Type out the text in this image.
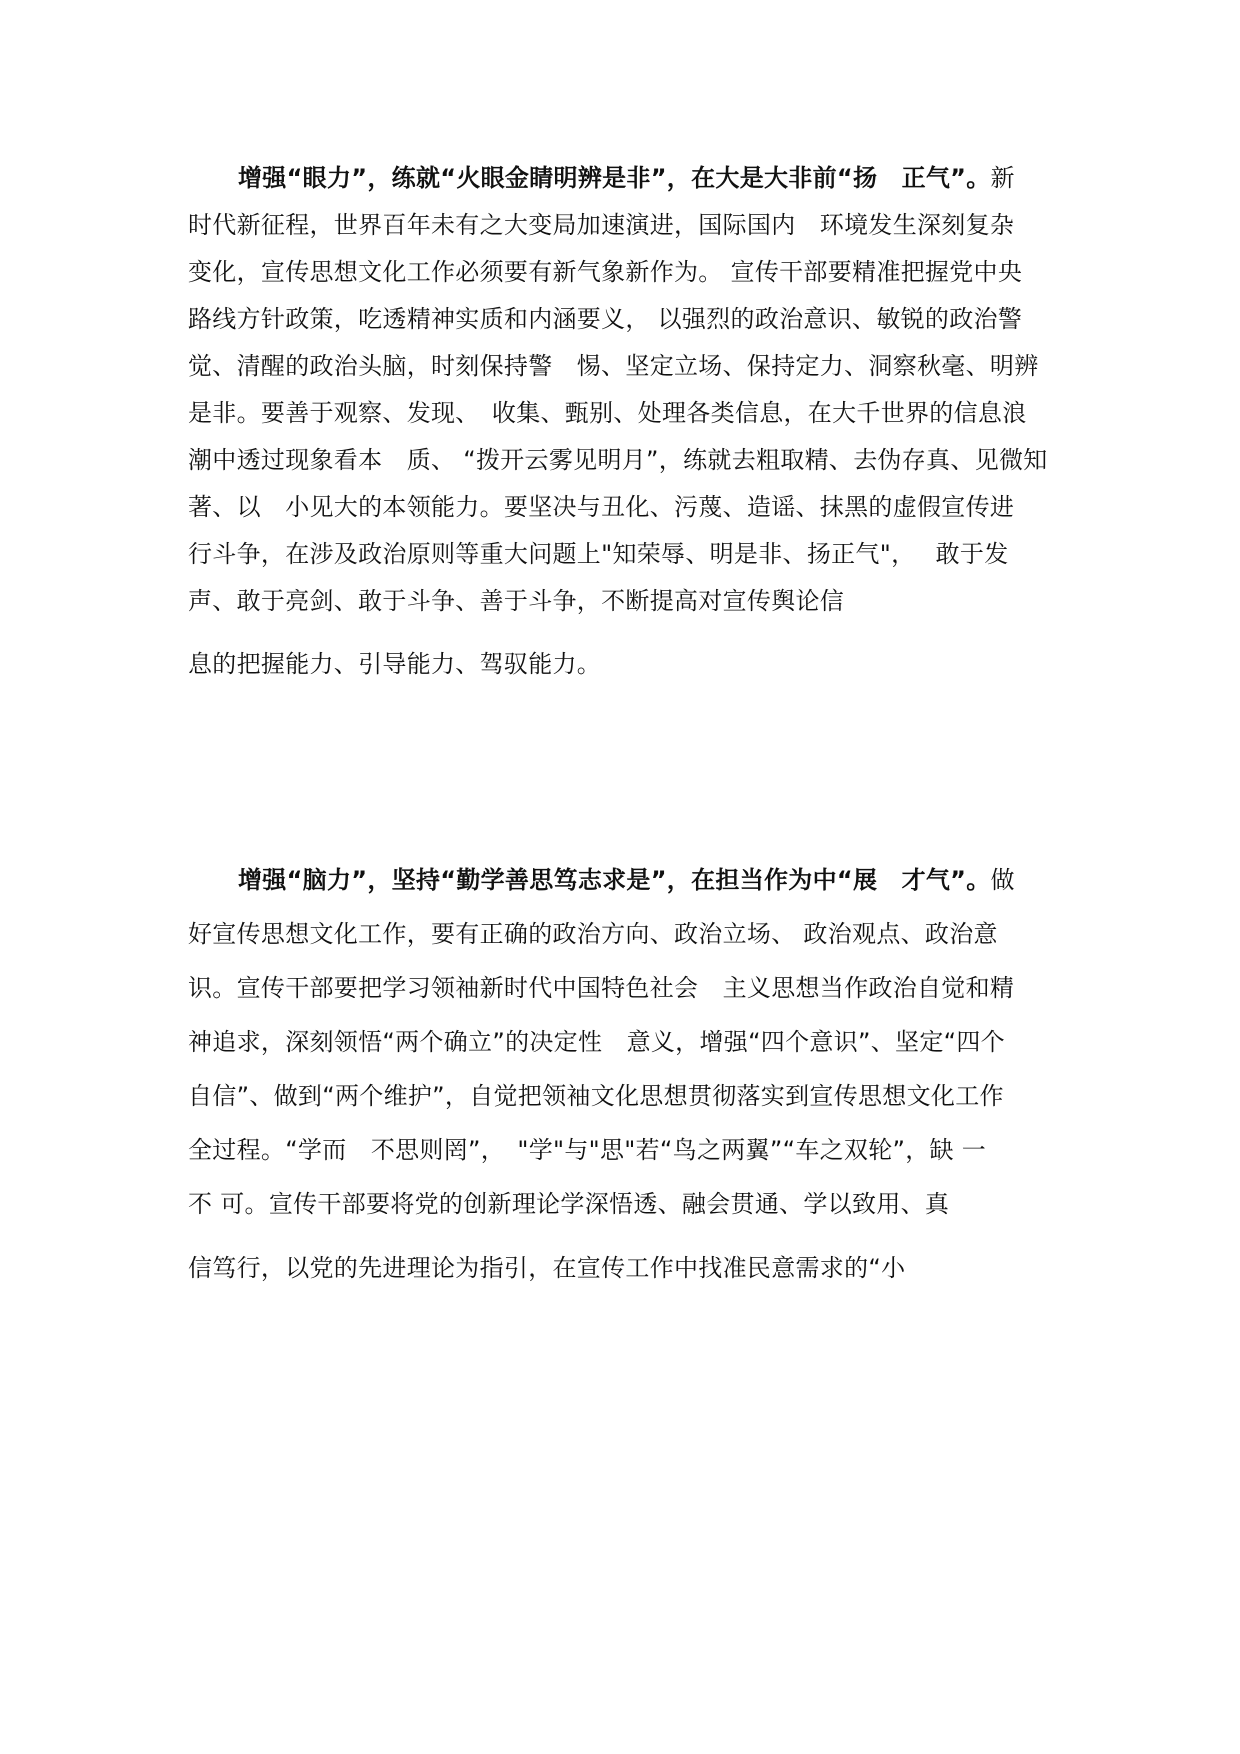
增强“眼力”，练就“火眼金睛明辨是非”，在大是大非前“扬　正气”。新
时代新征程，世界百年未有之大变局加速演进，国际国内　环境发生深刻复杂
变化，宣传思想文化工作必须要有新气象新作为。 宣传干部要精准把握党中央
路线方针政策，吃透精神实质和内涵要义， 以强烈的政治意识、敏锐的政治警
觉、清醒的政治头脑，时刻保持警　惕、坚定立场、保持定力、洞察秋毫、明辨
是非。要善于观察、发现、　收集、甄别、处理各类信息，在大千世界的信息浪
潮中透过现象看本　质、 “拨开云雾见明月”，练就去粗取精、去伪存真、见微知
著、以　小见大的本领能力。要坚决与丑化、污蔑、造谣、抹黑的虚假宣传进
行斗争，在涉及政治原则等重大问题上"知荣辱、明是非、扬正气"，　 敢于发
声、敢于亮剑、敢于斗争、善于斗争，不断提高对宣传舆论信
息的把握能力、引导能力、驾驭能力。
增强“脑力”，坚持“勤学善思笃志求是”，在担当作为中“展　才气”。做
好宣传思想文化工作，要有正确的政治方向、政治立场、 政治观点、政治意
识。宣传干部要把学习领袖新时代中国特色社会　主义思想当作政治自觉和精
神追求，深刻领悟“两个确立”的决定性　意义，增强“四个意识”、坚定“四个
自信”、做到“两个维护”，自觉把领袖文化思想贯彻落实到宣传思想文化工作
全过程。“学而　不思则罔”，　"学"与"思"若“鸟之两翼”“车之双轮”，缺 一
不 可。宣传干部要将党的创新理论学深悟透、融会贯通、学以致用、真
信笃行，以党的先进理论为指引，在宣传工作中找准民意需求的“小
